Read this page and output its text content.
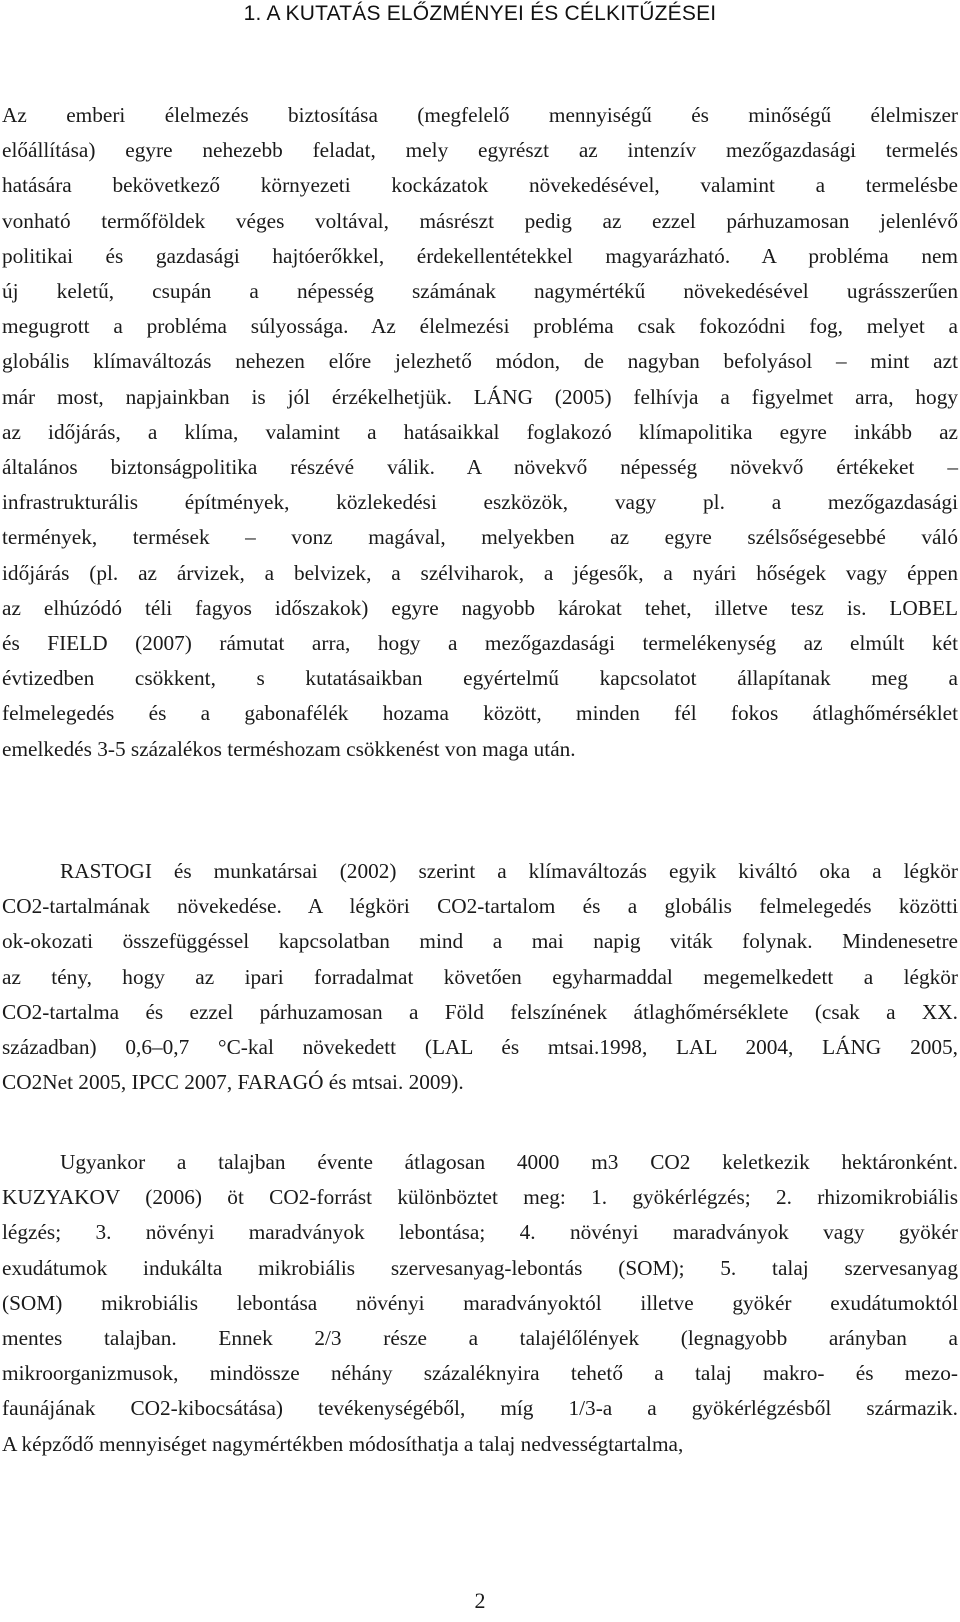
1. A KUTATÁS ELŐZMÉNYEI ÉS CÉLKITŰZÉSEI

Az emberi élelmezés biztosítása (megfelelő mennyiségű és minőségű élelmiszer
előállítása) egyre nehezebb feladat, mely egyrészt az intenzív mezőgazdasági termelés
hatására bekövetkező környezeti kockázatok növekedésével, valamint a termelésbe
vonható termőföldek véges voltával, másrészt pedig az ezzel párhuzamosan jelenlévő
politikai és gazdasági hajtóerőkkel, érdekellentétekkel magyarázható. A probléma nem
új keletű, csupán a népesség számának nagymértékű növekedésével ugrásszerűen
megugrott a probléma súlyossága. Az élelmezési probléma csak fokozódni fog, melyet a
globális klímaváltozás nehezen előre jelezhető módon, de nagyban befolyásol – mint azt
már most, napjainkban is jól érzékelhetjük. LÁNG (2005) felhívja a figyelmet arra, hogy
az időjárás, a klíma, valamint a hatásaikkal foglakozó klímapolitika egyre inkább az
általános biztonságpolitika részévé válik. A növekvő népesség növekvő értékeket –
infrastrukturális építmények, közlekedési eszközök, vagy pl. a mezőgazdasági
termények, termések – vonz magával, melyekben az egyre szélsőségesebbé váló
időjárás (pl. az árvizek, a belvizek, a szélviharok, a jégesők, a nyári hőségek vagy éppen
az elhúzódó téli fagyos időszakok) egyre nagyobb károkat tehet, illetve tesz is. LOBEL
és FIELD (2007) rámutat arra, hogy a mezőgazdasági termelékenység az elmúlt két
évtizedben csökkent, s kutatásaikban egyértelmű kapcsolatot állapítanak meg a
felmelegedés és a gabonafélék hozama között, minden fél fokos átlaghőmérséklet
emelkedés 3-5 százalékos terméshozam csökkenést von maga után.

RASTOGI és munkatársai (2002) szerint a klímaváltozás egyik kiváltó oka a légkör
CO2-tartalmának növekedése. A légköri CO2-tartalom és a globális felmelegedés közötti
ok-okozati összefüggéssel kapcsolatban mind a mai napig viták folynak. Mindenesetre
az tény, hogy az ipari forradalmat követően egyharmaddal megemelkedett a légkör
CO2-tartalma és ezzel párhuzamosan a Föld felszínének átlaghőmérséklete (csak a XX.
században) 0,6–0,7 °C-kal növekedett (LAL és mtsai.1998, LAL 2004, LÁNG 2005,
CO2Net 2005, IPCC 2007, FARAGÓ és mtsai. 2009).

Ugyankor a talajban évente átlagosan 4000 m3 CO2 keletkezik hektáronként.
KUZYAKOV (2006) öt CO2-forrást különböztet meg: 1. gyökérlégzés; 2. rhizomikrobiális
légzés; 3. növényi maradványok lebontása; 4. növényi maradványok vagy gyökér
exudátumok indukálta mikrobiális szervesanyag-lebontás (SOM); 5. talaj szervesanyag
(SOM) mikrobiális lebontása növényi maradványoktól illetve gyökér exudátumoktól
mentes talajban. Ennek 2/3 része a talajélőlények (legnagyobb arányban a
mikroorganizmusok, mindössze néhány százaléknyira tehető a talaj makro- és mezo-
faunájának CO2-kibocsátása) tevékenységéből, míg 1/3-a a gyökérlégzésből származik.
A képződő mennyiséget nagymértékben módosíthatja a talaj nedvességtartalma,

2
